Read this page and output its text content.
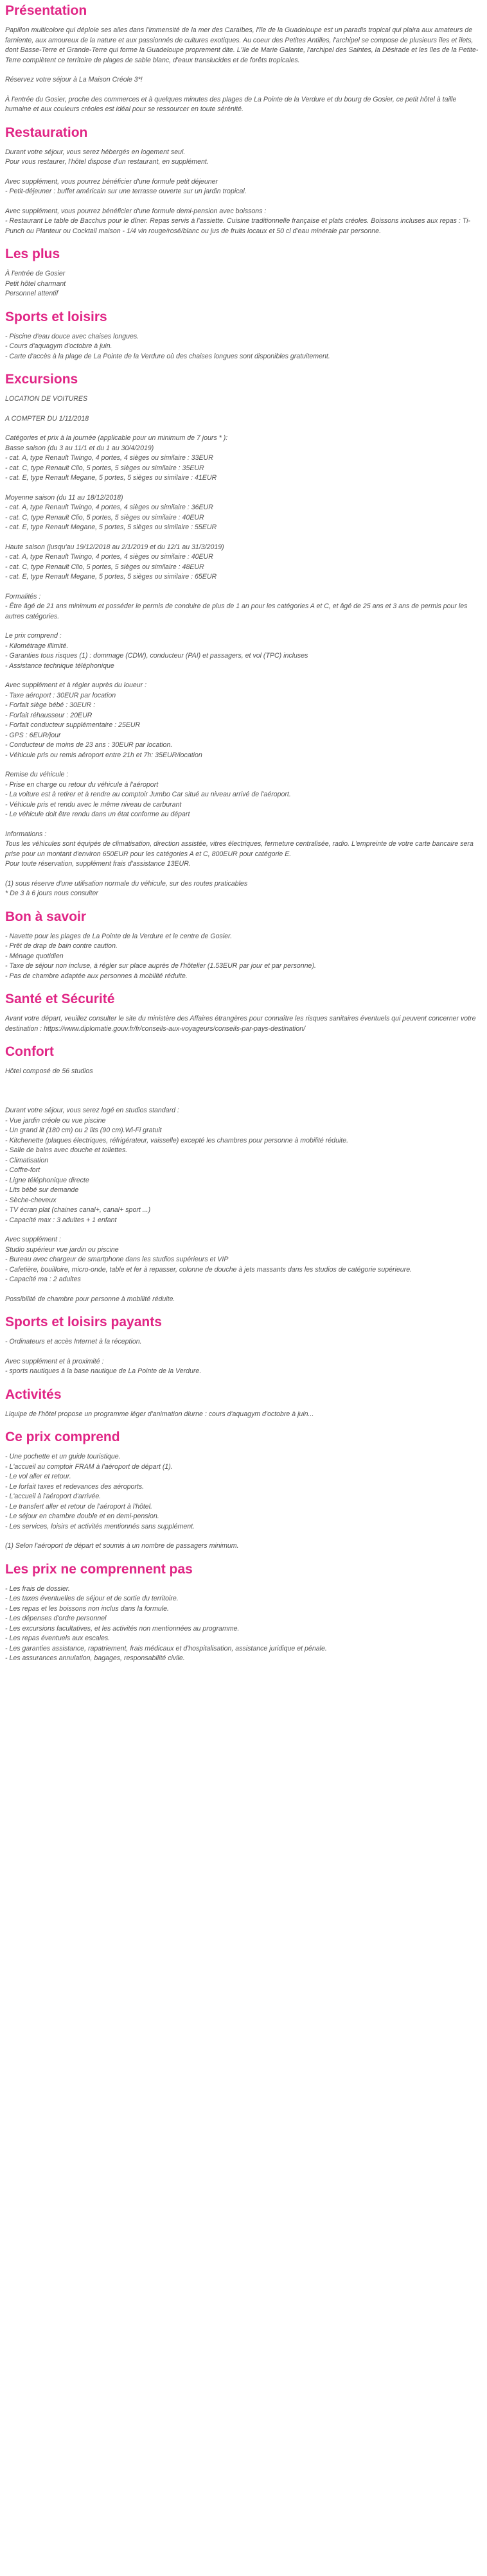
Présentation

Papillon multicolore qui déploie ses ailes dans l'immensité de la mer des Caraïbes, l'île de la Guadeloupe est un paradis tropical qui plaira aux amateurs de farniente, aux amoureux de la nature et aux passionnés de cultures exotiques. Au coeur des Petites Antilles, l'archipel se compose de plusieurs îles et îlets, dont Basse-Terre et Grande-Terre qui forme la Guadeloupe proprement dite. L'île de Marie Galante, l'archipel des Saintes, la Désirade et les îles de la Petite-Terre complètent ce territoire de plages de sable blanc, d'eaux translucides et de forêts tropicales.

Réservez votre séjour à La Maison Créole 3*!

À l'entrée du Gosier, proche des commerces et à quelques minutes des plages de La Pointe de la Verdure et du bourg de Gosier, ce petit hôtel à taille humaine et aux couleurs créoles est idéal pour se ressourcer en toute sérénité.

Restauration

Durant votre séjour, vous serez hébergés en logement seul.
Pour vous restaurer, l'hôtel dispose d'un restaurant, en supplément.

Avec supplément, vous pourrez bénéficier d'une formule petit déjeuner
- Petit-déjeuner : buffet américain sur une terrasse ouverte sur un jardin tropical.

Avec supplément, vous pourrez bénéficier d'une formule demi-pension avec boissons :
- Restaurant Le table de Bacchus pour le dîner. Repas servis à l'assiette. Cuisine traditionnelle française et plats créoles. Boissons incluses aux repas : Ti-Punch ou Planteur ou Cocktail maison - 1/4 vin rouge/rosé/blanc ou jus de fruits locaux et 50 cl d'eau minérale par personne.

Les plus

À l'entrée de Gosier
Petit hôtel charmant
Personnel attentif

Sports et loisirs

- Piscine d'eau douce avec chaises longues.
- Cours d'aquagym d'octobre à juin.
- Carte d'accès à la plage de La Pointe de la Verdure où des chaises longues sont disponibles gratuitement.

Excursions

LOCATION DE VOITURES

A COMPTER DU 1/11/2018

Catégories et prix à la journée (applicable pour un minimum de 7 jours * ):
Basse saison (du 3 au 11/1 et du 1 au 30/4/2019)
- cat. A, type Renault Twingo, 4 portes, 4 sièges ou similaire : 33EUR
- cat. C, type Renault Clio, 5 portes, 5 sièges ou similaire : 35EUR
- cat. E, type Renault Megane, 5 portes, 5 sièges ou similaire : 41EUR

Moyenne saison (du 11 au 18/12/2018)
- cat. A, type Renault Twingo, 4 portes, 4 sièges ou similaire : 36EUR
- cat. C, type Renault Clio, 5 portes, 5 sièges ou similaire : 40EUR
- cat. E, type Renault Megane, 5 portes, 5 sièges ou similaire : 55EUR

Haute saison (jusqu'au 19/12/2018 au 2/1/2019 et du 12/1 au 31/3/2019)
- cat. A, type Renault Twingo, 4 portes, 4 sièges ou similaire : 40EUR
- cat. C, type Renault Clio, 5 portes, 5 sièges ou similaire : 48EUR
- cat. E, type Renault Megane, 5 portes, 5 sièges ou similaire : 65EUR

Formalités :
- Être âgé de 21 ans minimum et posséder le permis de conduire de plus de 1 an pour les catégories A et C, et âgé de 25 ans et 3 ans de permis pour les autres catégories.

Le prix comprend :
- Kilométrage illimité.
- Garanties tous risques (1) : dommage (CDW), conducteur (PAI) et passagers, et vol (TPC) incluses
- Assistance technique téléphonique

Avec supplément et à régler auprès du loueur :
- Taxe aéroport : 30EUR par location
- Forfait siège bébé : 30EUR :
- Forfait réhausseur : 20EUR
- Forfait conducteur supplémentaire : 25EUR
- GPS : 6EUR/jour
- Conducteur de moins de 23 ans : 30EUR par location.
- Véhicule pris ou remis aéroport entre 21h et 7h: 35EUR/location

Remise du véhicule :
- Prise en charge ou retour du véhicule à l'aéroport
- La voiture est à retirer et à rendre au comptoir Jumbo Car situé au niveau arrivé de l'aéroport.
- Véhicule pris et rendu avec le même niveau de carburant
- Le véhicule doit être rendu dans un état conforme au départ

Informations :
Tous les véhicules sont équipés de climatisation, direction assistée, vitres électriques, fermeture centralisée, radio. L'empreinte de votre carte bancaire sera prise pour un montant d'environ 650EUR pour les catégories A et C, 800EUR pour catégorie E.
Pour toute réservation, supplément frais d'assistance 13EUR.

(1) sous réserve d'une utilisation normale du véhicule, sur des routes praticables
* De 3 à 6 jours nous consulter

Bon à savoir

- Navette pour les plages de La Pointe de la Verdure et le centre de Gosier.
- Prêt de drap de bain contre caution.
- Ménage quotidien
- Taxe de séjour non incluse, à régler sur place auprès de l'hôtelier (1.53EUR par jour et par personne).
- Pas de chambre adaptée aux personnes à mobilité réduite.

Santé et Sécurité

Avant votre départ, veuillez consulter le site du ministère des Affaires étrangères pour connaître les risques sanitaires éventuels qui peuvent concerner votre destination : https://www.diplomatie.gouv.fr/fr/conseils-aux-voyageurs/conseils-par-pays-destination/

Confort

Hôtel composé de 56 studios

Durant votre séjour, vous serez logé en studios standard :
- Vue jardin créole ou vue piscine
- Un grand lit (180 cm) ou 2 lits (90 cm).Wi-Fi gratuit
- Kitchenette (plaques électriques, réfrigérateur, vaisselle) excepté les chambres pour personne à mobilité réduite.
- Salle de bains avec douche et toilettes.
- Climatisation
- Coffre-fort
- Ligne téléphonique directe
- Lits bébé sur demande
- Sèche-cheveux
- TV écran plat (chaines canal+, canal+ sport ...)
- Capacité max : 3 adultes + 1 enfant

Avec supplément :
Studio supérieur vue jardin ou piscine
- Bureau avec chargeur de smartphone dans les studios supérieurs et VIP
- Cafetière, bouilloire, micro-onde, table et fer à repasser, colonne de douche à jets massants dans les studios de catégorie supérieure.
- Capacité ma : 2 adultes

Possibilité de chambre pour personne à mobilité réduite.

Sports et loisirs payants

- Ordinateurs et accès Internet à la réception.

Avec supplément et à proximité :
- sports nautiques à la base nautique de La Pointe de la Verdure.

Activités

Liquipe de l'hôtel propose un programme léger d'animation diurne : cours d'aquagym d'octobre à juin...

Ce prix comprend

- Une pochette et un guide touristique.
- L'accueil au comptoir FRAM à l'aéroport de départ (1).
- Le vol aller et retour.
- Le forfait taxes et redevances des aéroports.
- L'accueil à l'aéroport d'arrivée.
- Le transfert aller et retour de l'aéroport à l'hôtel.
- Le séjour en chambre double et en demi-pension.
- Les services, loisirs et activités mentionnés sans supplément.

(1) Selon l'aéroport de départ et soumis à un nombre de passagers minimum.

Les prix ne comprennent pas

- Les frais de dossier.
- Les taxes éventuelles de séjour et de sortie du territoire.
- Les repas et les boissons non inclus dans la formule.
- Les dépenses d'ordre personnel
- Les excursions facultatives, et les activités non mentionnées au programme.
- Les repas éventuels aux escales.
- Les garanties assistance, rapatriement, frais médicaux et d'hospitalisation, assistance juridique et pénale.
- Les assurances annulation, bagages, responsabilité civile.
